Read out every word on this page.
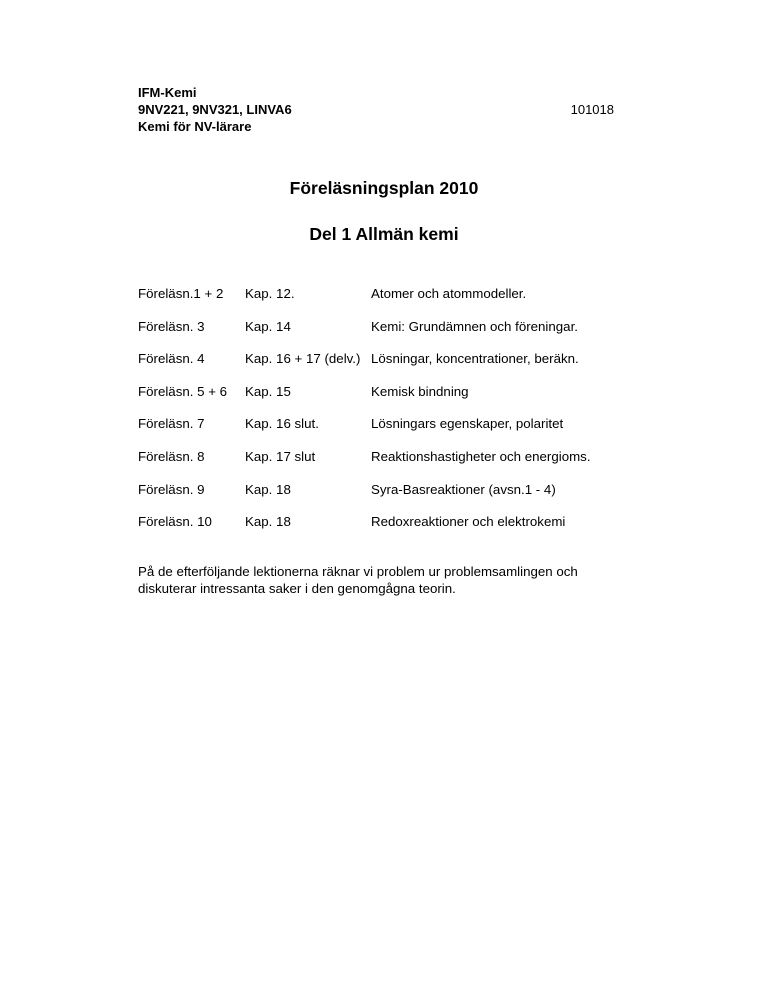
IFM-Kemi
9NV221, 9NV321, LINVA6
Kemi för NV-lärare
101018
Föreläsningsplan 2010
Del 1 Allmän kemi
Föreläsn.1 + 2 Kap. 12.	Atomer och atommodeller.
Föreläsn. 3	Kap. 14	Kemi: Grundämnen och föreningar.
Föreläsn. 4	Kap. 16 + 17 (delv.) Lösningar, koncentrationer, beräkn.
Föreläsn. 5 + 6 Kap. 15	Kemisk bindning
Föreläsn. 7	Kap. 16 slut.	Lösningars egenskaper, polaritet
Föreläsn. 8	Kap. 17 slut	Reaktionshastigheter och energioms.
Föreläsn. 9	Kap. 18	Syra-Basreaktioner (avsn.1 - 4)
Föreläsn. 10 Kap. 18	Redoxreaktioner och elektrokemi
På de efterföljande lektionerna räknar vi problem ur problemsamlingen och
diskuterar intressanta saker i den genomgågna teorin.
